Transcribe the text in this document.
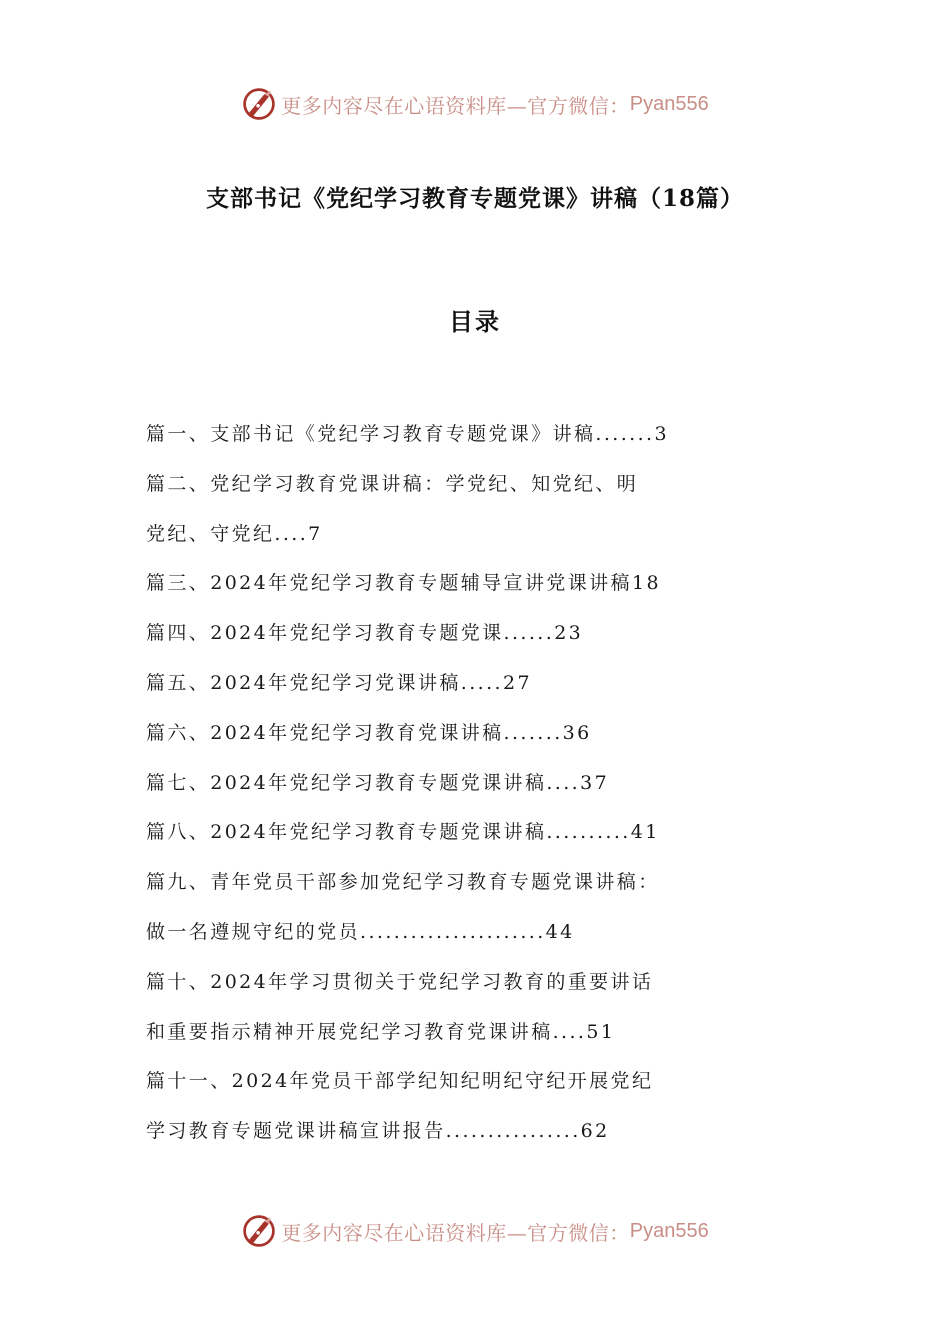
更多内容尽在心语资料库—官方微信： Pyan556
支部书记《党纪学习教育专题党课》讲稿（18篇）
目录
篇一、支部书记《党纪学习教育专题党课》讲稿.......3
篇二、党纪学习教育党课讲稿：学党纪、知党纪、明
党纪、守党纪....7
篇三、2024年党纪学习教育专题辅导宣讲党课讲稿18
篇四、2024年党纪学习教育专题党课......23
篇五、2024年党纪学习党课讲稿.....27
篇六、2024年党纪学习教育党课讲稿.......36
篇七、2024年党纪学习教育专题党课讲稿....37
篇八、2024年党纪学习教育专题党课讲稿..........41
篇九、青年党员干部参加党纪学习教育专题党课讲稿：
做一名遵规守纪的党员......................44
篇十、2024年学习贯彻关于党纪学习教育的重要讲话
和重要指示精神开展党纪学习教育党课讲稿....51
篇十一、2024年党员干部学纪知纪明纪守纪开展党纪
学习教育专题党课讲稿宣讲报告................62
更多内容尽在心语资料库—官方微信： Pyan556
